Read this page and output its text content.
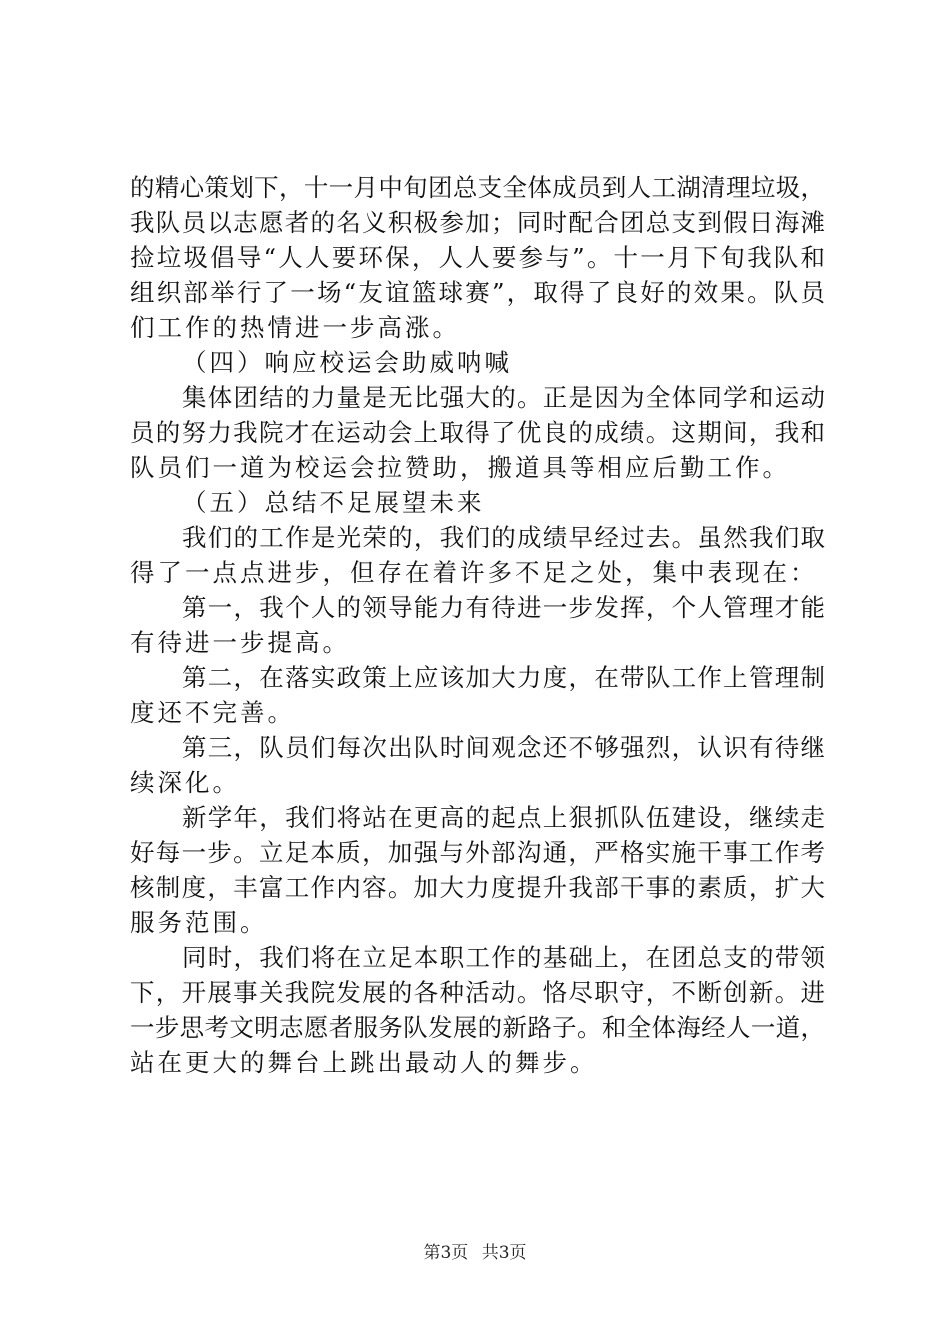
的精心策划下，十一月中旬团总支全体成员到人工湖清理垃圾，
我队员以志愿者的名义积极参加；同时配合团总支到假日海滩
捡垃圾倡导“人人要环保，人人要参与”。十一月下旬我队和
组织部举行了一场“友谊篮球赛”，取得了良好的效果。队员
们工作的热情进一步高涨。
（四）响应校运会助威呐喊
集体团结的力量是无比强大的。正是因为全体同学和运动
员的努力我院才在运动会上取得了优良的成绩。这期间，我和
队员们一道为校运会拉赞助，搬道具等相应后勤工作。
（五）总结不足展望未来
我们的工作是光荣的，我们的成绩早经过去。虽然我们取
得了一点点进步，但存在着许多不足之处，集中表现在：
第一，我个人的领导能力有待进一步发挥，个人管理才能
有待进一步提高。
第二，在落实政策上应该加大力度，在带队工作上管理制
度还不完善。
第三，队员们每次出队时间观念还不够强烈，认识有待继
续深化。
新学年，我们将站在更高的起点上狠抓队伍建设，继续走
好每一步。立足本质，加强与外部沟通，严格实施干事工作考
核制度，丰富工作内容。加大力度提升我部干事的素质，扩大
服务范围。
同时，我们将在立足本职工作的基础上，在团总支的带领
下，开展事关我院发展的各种活动。恪尽职守，不断创新。进
一步思考文明志愿者服务队发展的新路子。和全体海经人一道，
站在更大的舞台上跳出最动人的舞步。
第3页 共3页
